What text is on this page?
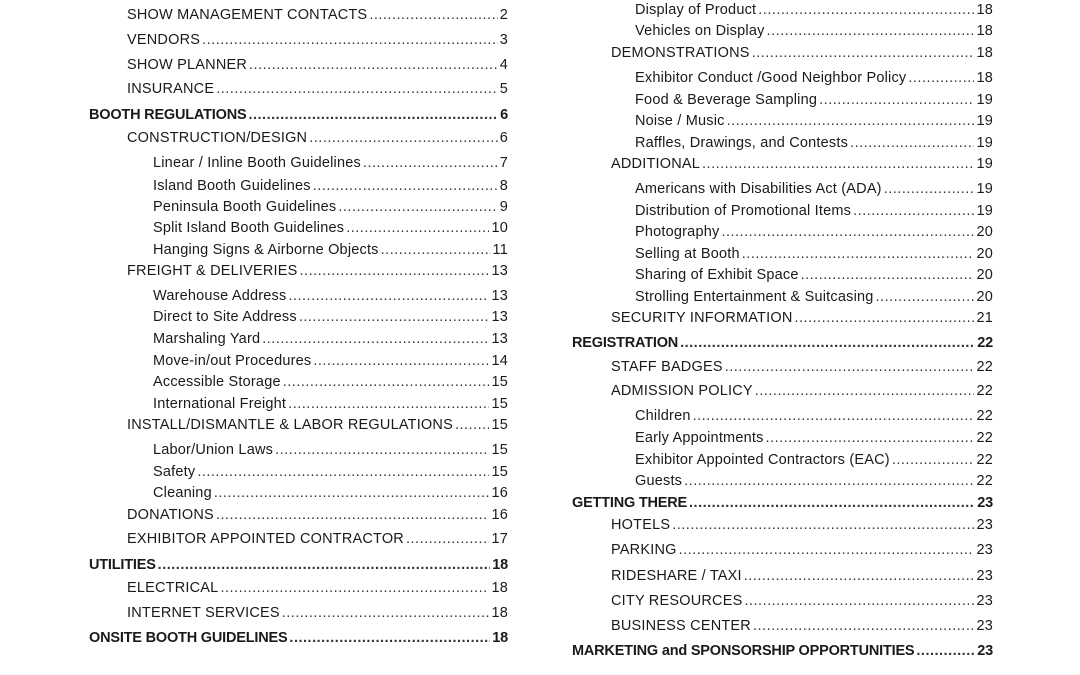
SHOW MANAGEMENT CONTACTS .....	2
VENDORS .....	3
SHOW PLANNER .....	4
INSURANCE .....	5
BOOTH REGULATIONS .....	6
CONSTRUCTION/DESIGN .....	6
Linear / Inline Booth Guidelines .....	7
Island Booth Guidelines .....	8
Peninsula Booth Guidelines .....	9
Split Island Booth Guidelines .....	10
Hanging Signs & Airborne Objects .....	11
FREIGHT & DELIVERIES .....	13
Warehouse Address .....	13
Direct to Site Address .....	13
Marshaling Yard .....	13
Move-in/out Procedures .....	14
Accessible Storage .....	15
International Freight .....	15
INSTALL/DISMANTLE & LABOR REGULATIONS .....	15
Labor/Union Laws .....	15
Safety .....	15
Cleaning .....	16
DONATIONS .....	16
EXHIBITOR APPOINTED CONTRACTOR .....	17
UTILITIES .....	18
ELECTRICAL .....	18
INTERNET SERVICES .....	18
ONSITE BOOTH GUIDELINES .....	18
Display of Product .....	18
Vehicles on Display .....	18
DEMONSTRATIONS .....	18
Exhibitor Conduct /Good Neighbor Policy .....	18
Food & Beverage Sampling .....	19
Noise / Music .....	19
Raffles, Drawings, and Contests .....	19
ADDITIONAL .....	19
Americans with Disabilities Act (ADA) .....	19
Distribution of Promotional Items .....	19
Photography .....	20
Selling at Booth .....	20
Sharing of Exhibit Space .....	20
Strolling Entertainment & Suitcasing .....	20
SECURITY INFORMATION .....	21
REGISTRATION .....	22
STAFF BADGES .....	22
ADMISSION POLICY .....	22
Children .....	22
Early Appointments .....	22
Exhibitor Appointed Contractors (EAC) .....	22
Guests .....	22
GETTING THERE .....	23
HOTELS .....	23
PARKING .....	23
RIDESHARE / TAXI .....	23
CITY RESOURCES .....	23
BUSINESS CENTER .....	23
MARKETING and SPONSORSHIP OPPORTUNITIES .....	23
